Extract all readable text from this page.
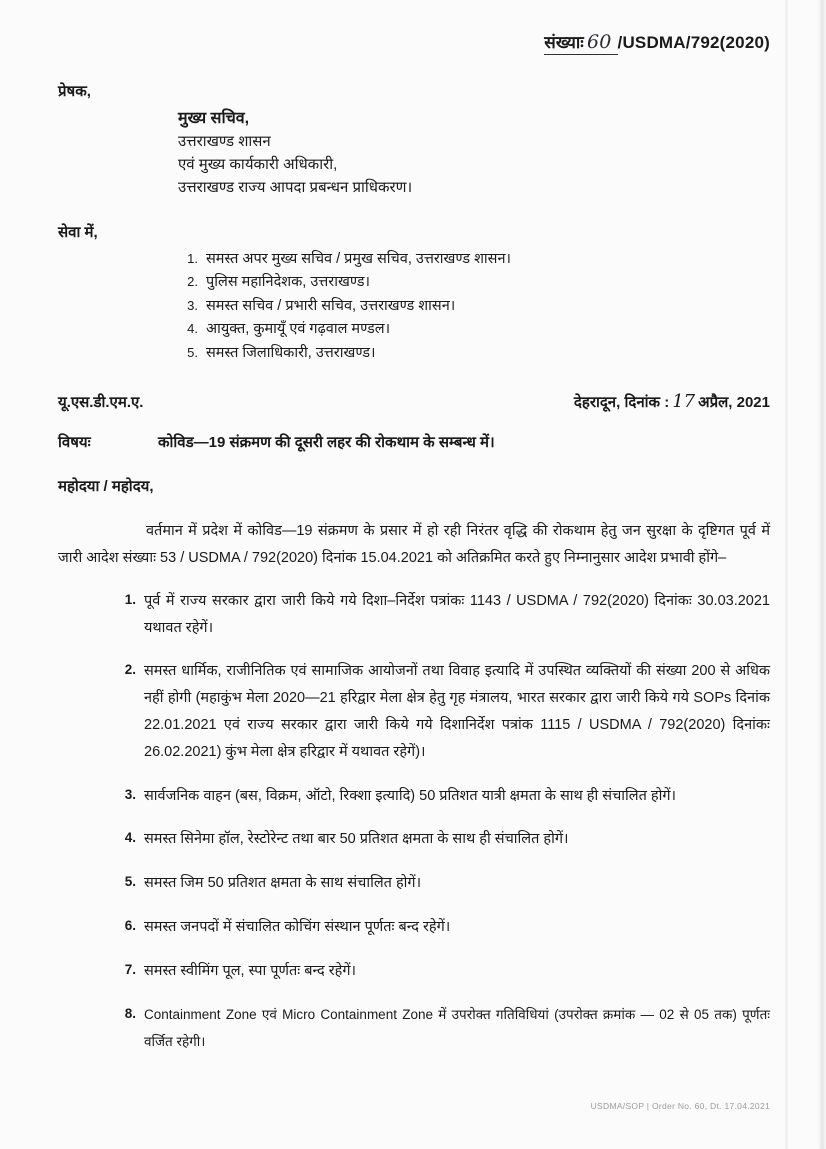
संख्याः 60 /USDMA/792(2020)
प्रेषक,
मुख्य सचिव,
उत्तराखण्ड शासन
एवं मुख्य कार्यकारी अधिकारी,
उत्तराखण्ड राज्य आपदा प्रबन्धन प्राधिकरण।
सेवा में,
1. समस्त अपर मुख्य सचिव / प्रमुख सचिव, उत्तराखण्ड शासन।
2. पुलिस महानिदेशक, उत्तराखण्ड।
3. समस्त सचिव / प्रभारी सचिव, उत्तराखण्ड शासन।
4. आयुक्त, कुमायूँ एवं गढ़वाल मण्डल।
5. समस्त जिलाधिकारी, उत्तराखण्ड।
यू.एस.डी.एम.ए.	देहरादून, दिनांक : 17 अप्रैल, 2021
विषयः	कोविड—19 संक्रमण की दूसरी लहर की रोकथाम के सम्बन्ध में।
महोदया / महोदय,
वर्तमान में प्रदेश में कोविड—19 संक्रमण के प्रसार में हो रही निरंतर वृद्धि की रोकथाम हेतु जन सुरक्षा के दृष्टिगत पूर्व में जारी आदेश संख्याः 53 / USDMA / 792(2020) दिनांक 15.04.2021 को अतिक्रमित करते हुए निम्नानुसार आदेश प्रभावी होंगे–
1. पूर्व में राज्य सरकार द्वारा जारी किये गये दिशा–निर्देश पत्रांकः 1143 / USDMA / 792(2020) दिनांकः 30.03.2021 यथावत रहेगें।
2. समस्त धार्मिक, राजीनितिक एवं सामाजिक आयोजनों तथा विवाह इत्यादि में उपस्थित व्यक्तियों की संख्या 200 से अधिक नहीं होगी (महाकुंभ मेला 2020—21 हरिद्वार मेला क्षेत्र हेतु गृह मंत्रालय, भारत सरकार द्वारा जारी किये गये SOPs दिनांक 22.01.2021 एवं राज्य सरकार द्वारा जारी किये गये दिशानिर्देश पत्रांक 1115 / USDMA / 792(2020) दिनांकः 26.02.2021) कुंभ मेला क्षेत्र हरिद्वार में यथावत रहेगें)।
3. सार्वजनिक वाहन (बस, विक्रम, ऑटो, रिक्शा इत्यादि) 50 प्रतिशत यात्री क्षमता के साथ ही संचालित होगें।
4. समस्त सिनेमा हॉल, रेस्टोरेन्ट तथा बार 50 प्रतिशत क्षमता के साथ ही संचालित होगें।
5. समस्त जिम 50 प्रतिशत क्षमता के साथ संचालित होगें।
6. समस्त जनपदों में संचालित कोचिंग संस्थान पूर्णतः बन्द रहेगें।
7. समस्त स्वीमिंग पूल, स्पा पूर्णतः बन्द रहेगें।
8. Containment Zone एवं Micro Containment Zone में उपरोक्त गतिविधियां (उपरोक्त क्रमांक — 02 से 05 तक) पूर्णतः वर्जित रहेगी।
USDMA/SOP | Order No. 60, Dt. 17.04.2021
